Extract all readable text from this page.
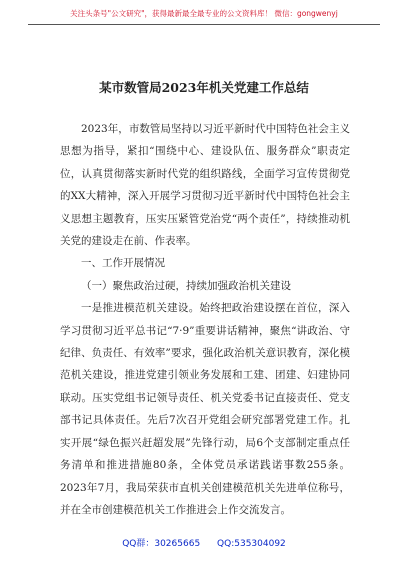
关注头条号"公文研究"，获得最新最全最专业的公文资料库！ 微信：gongwenyj
某市数管局2023年机关党建工作总结

2023年，市数管局坚持以习近平新时代中国特色社会主义思想为指导，紧扣“围绕中心、建设队伍、服务群众”职责定位，认真贯彻落实新时代党的组织路线，全面学习宣传贯彻党的XX大精神，深入开展学习贯彻习近平新时代中国特色社会主义思想主题教育，压实压紧管党治党“两个责任”，持续推动机关党的建设走在前、作表率。

一、工作开展情况

（一）聚焦政治过硬，持续加强政治机关建设

一是推进模范机关建设。始终把政治建设摆在首位，深入学习贯彻习近平总书记“7·9”重要讲话精神，聚焦“讲政治、守纪律、负责任、有效率”要求，强化政治机关意识教育，深化模范机关建设，推进党建引领业务发展和工建、团建、妇建协同联动。压实党组书记领导责任、机关党委书记直接责任、党支部书记具体责任。先后7次召开党组会研究部署党建工作。扎实开展“绿色振兴赶超发展”先锋行动，局6个支部制定重点任务清单和推进措施80条，全体党员承诺践诺事数255条。2023年7月，我局荣获市直机关创建模范机关先进单位称号，并在全市创建模范机关工作推进会上作交流发言。

QQ群：30265665 QQ:535304092
